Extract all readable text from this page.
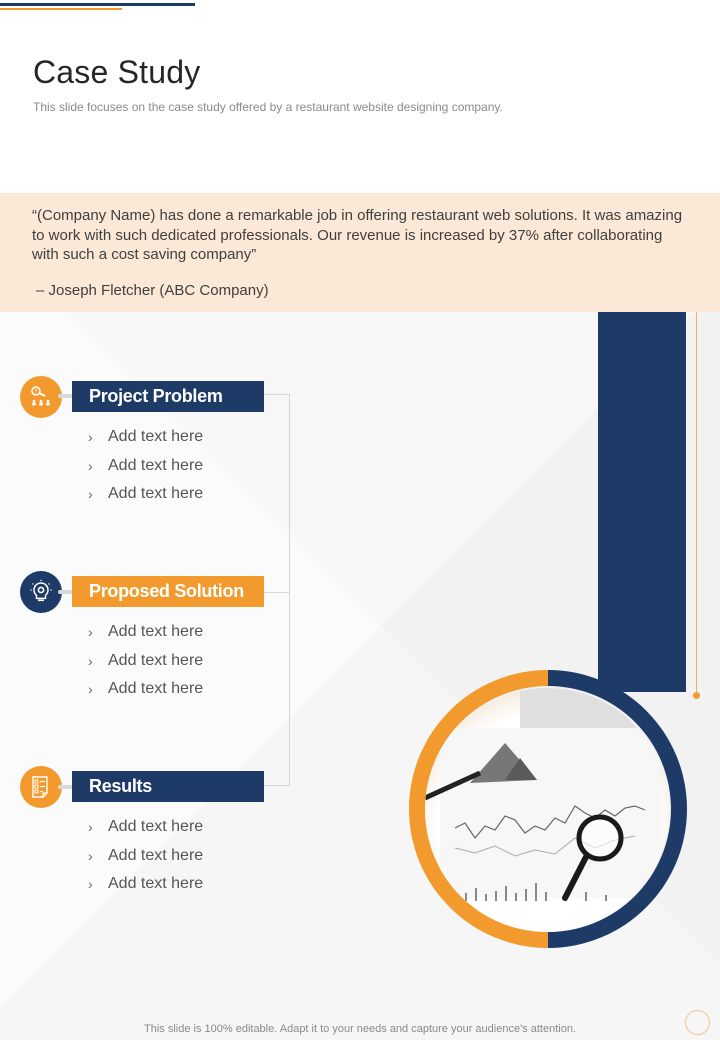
Case Study

This slide focuses on the case study offered by a restaurant website designing company.

“(Company Name) has done a remarkable job in offering restaurant web solutions. It was amazing to work with such dedicated professionals. Our revenue is increased by 37% after collaborating with such a cost saving company”

– Joseph Fletcher (ABC Company)

?	Project Problem
› Add text here
› Add text here
› Add text here
Proposed Solution
› Add text here
› Add text here
› Add text here
Results
› Add text here
› Add text here
› Add text here

This slide is 100% editable. Adapt it to your needs and capture your audience's attention.
